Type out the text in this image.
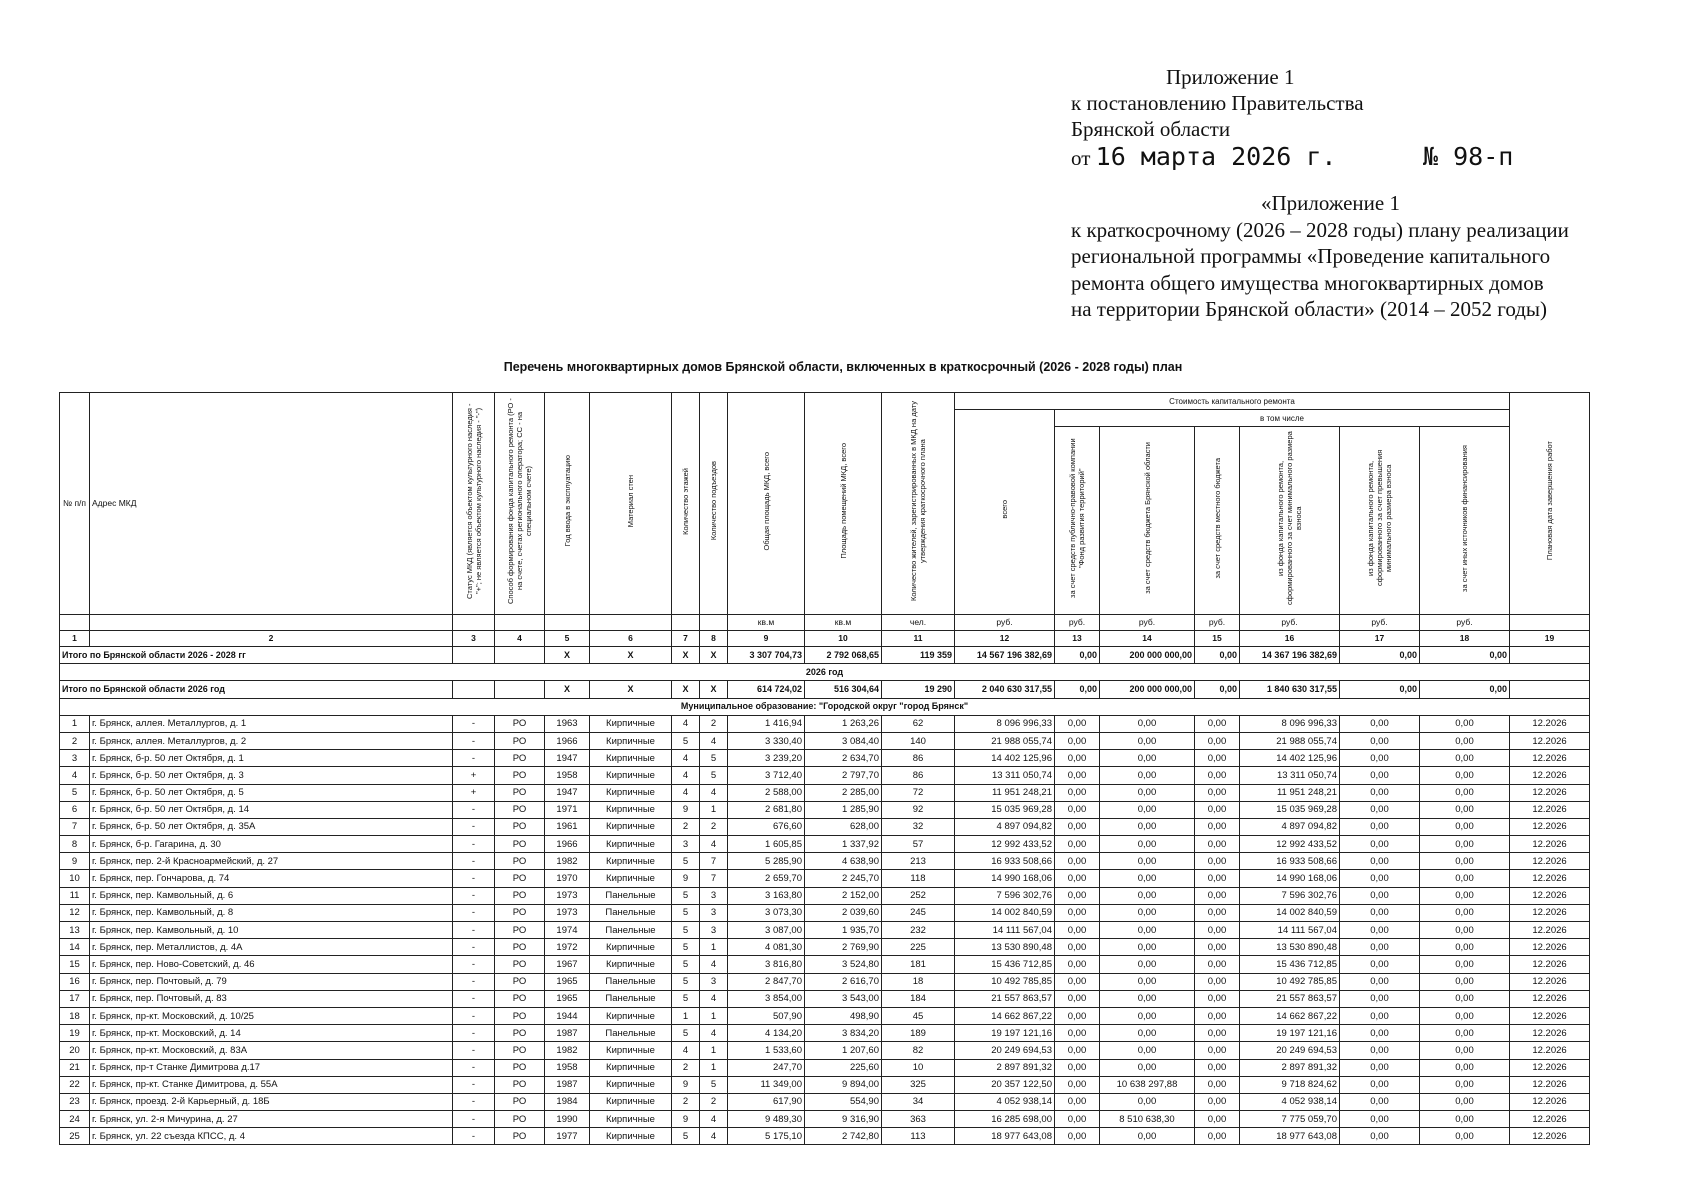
Приложение 1
к постановлению Правительства
Брянской области
от 16 марта 2026 г.	№ 98-п
«Приложение 1
к краткосрочному (2026 – 2028 годы) плану реализации
региональной программы «Проведение капитального
ремонта общего имущества многоквартирных домов
на территории Брянской области» (2014 – 2052 годы)
Перечень многоквартирных домов Брянской области, включенных в краткосрочный (2026 - 2028 годы) план
№ п/п	Адрес МКД	Статус МКД (является объектом культурного наследия - "+"; не является объектом культурного наследия - "-")	Способ формирования фонда капитального ремонта (РО - на счете, счетах регионального оператора; СС - на специальном счете)	Год ввода в эксплуатацию	Материал стен	Количество этажей	Количество подъездов	Общая площадь МКД, всего	Площадь помещений МКД, всего	Количество жителей, зарегистрированных в МКД на дату утверждения краткосрочного плана	Стоимость капитального ремонта							Плановая дата завершения работ
											всего	в том числе						
												за счет средств публично-правовой компании "Фонд развития территорий"	за счет средств бюджета Брянской области	за счет средств местного бюджета	из фонда капитального ремонта, сформированного за счет минимального размера взноса	из фонда капитального ремонта, сформированного за счет превышения минимального размера взноса	за счет иных источников финансирования	
								кв.м	кв.м	чел.	руб.	руб.	руб.	руб.	руб.	руб.	руб.	
1	2	3	4	5	6	7	8	9	10	11	12	13	14	15	16	17	18	19
Итого по Брянской области 2026 - 2028 гг				X	X	X	X	3 307 704,73	2 792 068,65	119 359	14 567 196 382,69	0,00	200 000 000,00	0,00	14 367 196 382,69	0,00	0,00	
2026 год																		
Итого по Брянской области 2026 год				X	X	X	X	614 724,02	516 304,64	19 290	2 040 630 317,55	0,00	200 000 000,00	0,00	1 840 630 317,55	0,00	0,00	
Муниципальное образование: "Городской округ "город Брянск"																		
1	г. Брянск, аллея. Металлургов, д. 1	-	РО	1963	Кирпичные	4	2	1 416,94	1 263,26	62	8 096 996,33	0,00	0,00	0,00	8 096 996,33	0,00	0,00	12.2026
2	г. Брянск, аллея. Металлургов, д. 2	-	РО	1966	Кирпичные	5	4	3 330,40	3 084,40	140	21 988 055,74	0,00	0,00	0,00	21 988 055,74	0,00	0,00	12.2026
3	г. Брянск, б-р. 50 лет Октября, д. 1	-	РО	1947	Кирпичные	4	5	3 239,20	2 634,70	86	14 402 125,96	0,00	0,00	0,00	14 402 125,96	0,00	0,00	12.2026
4	г. Брянск, б-р. 50 лет Октября, д. 3	+	РО	1958	Кирпичные	4	5	3 712,40	2 797,70	86	13 311 050,74	0,00	0,00	0,00	13 311 050,74	0,00	0,00	12.2026
5	г. Брянск, б-р. 50 лет Октября, д. 5	+	РО	1947	Кирпичные	4	4	2 588,00	2 285,00	72	11 951 248,21	0,00	0,00	0,00	11 951 248,21	0,00	0,00	12.2026
6	г. Брянск, б-р. 50 лет Октября, д. 14	-	РО	1971	Кирпичные	9	1	2 681,80	1 285,90	92	15 035 969,28	0,00	0,00	0,00	15 035 969,28	0,00	0,00	12.2026
7	г. Брянск, б-р. 50 лет Октября, д. 35А	-	РО	1961	Кирпичные	2	2	676,60	628,00	32	4 897 094,82	0,00	0,00	0,00	4 897 094,82	0,00	0,00	12.2026
8	г. Брянск, б-р. Гагарина, д. 30	-	РО	1966	Кирпичные	3	4	1 605,85	1 337,92	57	12 992 433,52	0,00	0,00	0,00	12 992 433,52	0,00	0,00	12.2026
9	г. Брянск, пер. 2-й Красноармейский, д. 27	-	РО	1982	Кирпичные	5	7	5 285,90	4 638,90	213	16 933 508,66	0,00	0,00	0,00	16 933 508,66	0,00	0,00	12.2026
10	г. Брянск, пер. Гончарова, д. 74	-	РО	1970	Кирпичные	9	7	2 659,70	2 245,70	118	14 990 168,06	0,00	0,00	0,00	14 990 168,06	0,00	0,00	12.2026
11	г. Брянск, пер. Камвольный, д. 6	-	РО	1973	Панельные	5	3	3 163,80	2 152,00	252	7 596 302,76	0,00	0,00	0,00	7 596 302,76	0,00	0,00	12.2026
12	г. Брянск, пер. Камвольный, д. 8	-	РО	1973	Панельные	5	3	3 073,30	2 039,60	245	14 002 840,59	0,00	0,00	0,00	14 002 840,59	0,00	0,00	12.2026
13	г. Брянск, пер. Камвольный, д. 10	-	РО	1974	Панельные	5	3	3 087,00	1 935,70	232	14 111 567,04	0,00	0,00	0,00	14 111 567,04	0,00	0,00	12.2026
14	г. Брянск, пер. Металлистов, д. 4А	-	РО	1972	Кирпичные	5	1	4 081,30	2 769,90	225	13 530 890,48	0,00	0,00	0,00	13 530 890,48	0,00	0,00	12.2026
15	г. Брянск, пер. Ново-Советский, д. 46	-	РО	1967	Кирпичные	5	4	3 816,80	3 524,80	181	15 436 712,85	0,00	0,00	0,00	15 436 712,85	0,00	0,00	12.2026
16	г. Брянск, пер. Почтовый, д. 79	-	РО	1965	Панельные	5	3	2 847,70	2 616,70	18	10 492 785,85	0,00	0,00	0,00	10 492 785,85	0,00	0,00	12.2026
17	г. Брянск, пер. Почтовый, д. 83	-	РО	1965	Панельные	5	4	3 854,00	3 543,00	184	21 557 863,57	0,00	0,00	0,00	21 557 863,57	0,00	0,00	12.2026
18	г. Брянск, пр-кт. Московский, д. 10/25	-	РО	1944	Кирпичные	1	1	507,90	498,90	45	14 662 867,22	0,00	0,00	0,00	14 662 867,22	0,00	0,00	12.2026
19	г. Брянск, пр-кт. Московский, д. 14	-	РО	1987	Панельные	5	4	4 134,20	3 834,20	189	19 197 121,16	0,00	0,00	0,00	19 197 121,16	0,00	0,00	12.2026
20	г. Брянск, пр-кт. Московский, д. 83А	-	РО	1982	Кирпичные	4	1	1 533,60	1 207,60	82	20 249 694,53	0,00	0,00	0,00	20 249 694,53	0,00	0,00	12.2026
21	г. Брянск, пр-т Станке Димитрова д.17	-	РО	1958	Кирпичные	2	1	247,70	225,60	10	2 897 891,32	0,00	0,00	0,00	2 897 891,32	0,00	0,00	12.2026
22	г. Брянск, пр-кт. Станке Димитрова, д. 55А	-	РО	1987	Кирпичные	9	5	11 349,00	9 894,00	325	20 357 122,50	0,00	10 638 297,88	0,00	9 718 824,62	0,00	0,00	12.2026
23	г. Брянск, проезд. 2-й Карьерный, д. 18Б	-	РО	1984	Кирпичные	2	2	617,90	554,90	34	4 052 938,14	0,00	0,00	0,00	4 052 938,14	0,00	0,00	12.2026
24	г. Брянск, ул. 2-я Мичурина, д. 27	-	РО	1990	Кирпичные	9	4	9 489,30	9 316,90	363	16 285 698,00	0,00	8 510 638,30	0,00	7 775 059,70	0,00	0,00	12.2026
25	г. Брянск, ул. 22 съезда КПСС, д. 4	-	РО	1977	Кирпичные	5	4	5 175,10	2 742,80	113	18 977 643,08	0,00	0,00	0,00	18 977 643,08	0,00	0,00	12.2026
